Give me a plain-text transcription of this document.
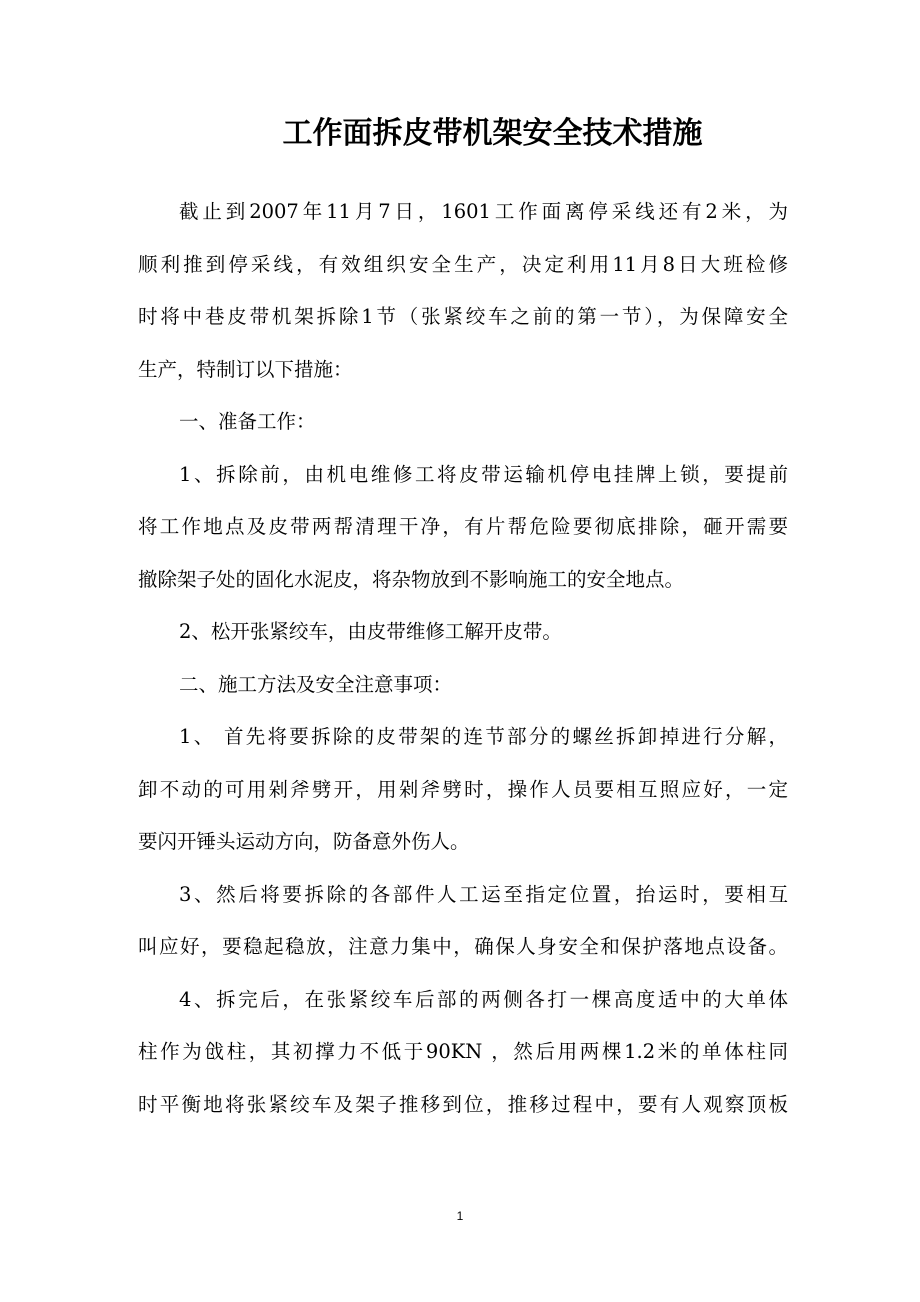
工作面拆皮带机架安全技术措施
截止到2007年11月7日，1601工作面离停采线还有2米，为
顺利推到停采线，有效组织安全生产，决定利用11月8日大班检修
时将中巷皮带机架拆除1节（张紧绞车之前的第一节），为保障安全
生产，特制订以下措施：
一、准备工作：
1、拆除前，由机电维修工将皮带运输机停电挂牌上锁，要提前
将工作地点及皮带两帮清理干净，有片帮危险要彻底排除，砸开需要
撤除架子处的固化水泥皮，将杂物放到不影响施工的安全地点。
2、松开张紧绞车，由皮带维修工解开皮带。
二、施工方法及安全注意事项：
1、 首先将要拆除的皮带架的连节部分的螺丝拆卸掉进行分解，
卸不动的可用剁斧劈开，用剁斧劈时，操作人员要相互照应好，一定
要闪开锤头运动方向，防备意外伤人。
3、然后将要拆除的各部件人工运至指定位置，抬运时，要相互
叫应好，要稳起稳放，注意力集中，确保人身安全和保护落地点设备。
4、拆完后，在张紧绞车后部的两侧各打一棵高度适中的大单体
柱作为戗柱，其初撑力不低于90KN ，然后用两棵1.2米的单体柱同
时平衡地将张紧绞车及架子推移到位，推移过程中，要有人观察顶板
1
